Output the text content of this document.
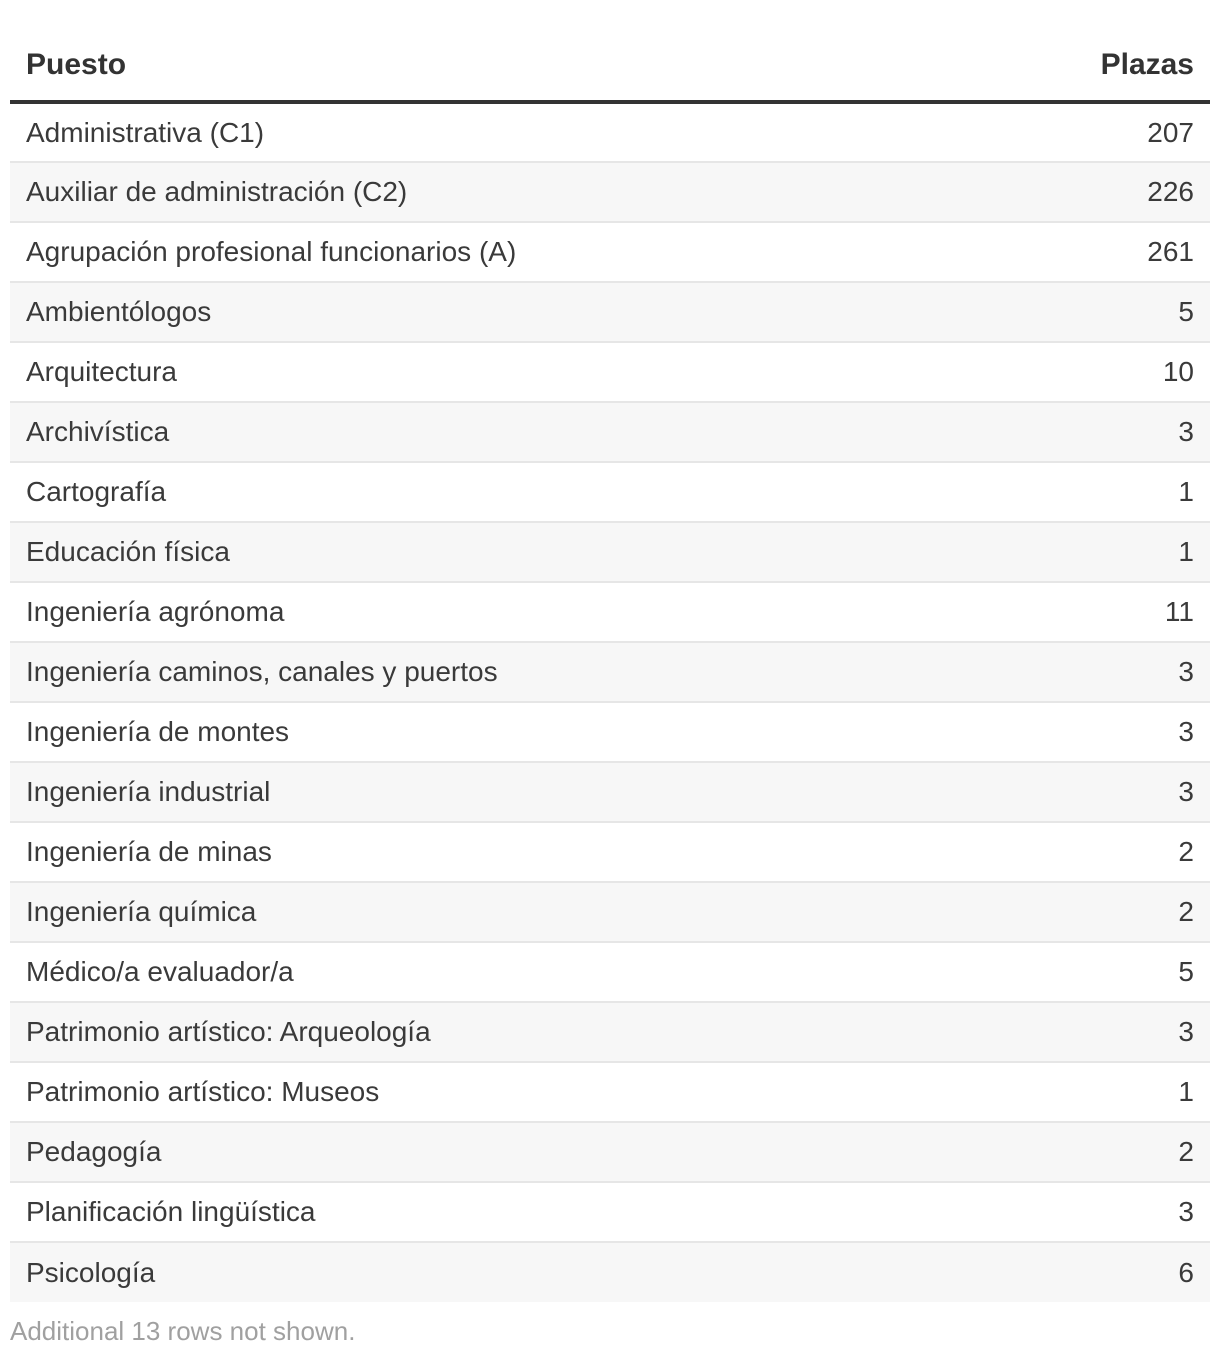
Puesto	Plazas
Administrativa (C1)	207
Auxiliar de administración (C2)	226
Agrupación profesional funcionarios (A)	261
Ambientólogos	5
Arquitectura	10
Archivística	3
Cartografía	1
Educación física	1
Ingeniería agrónoma	11
Ingeniería caminos, canales y puertos	3
Ingeniería de montes	3
Ingeniería industrial	3
Ingeniería de minas	2
Ingeniería química	2
Médico/a evaluador/a	5
Patrimonio artístico: Arqueología	3
Patrimonio artístico: Museos	1
Pedagogía	2
Planificación lingüística	3
Psicología	6
Additional 13 rows not shown.
